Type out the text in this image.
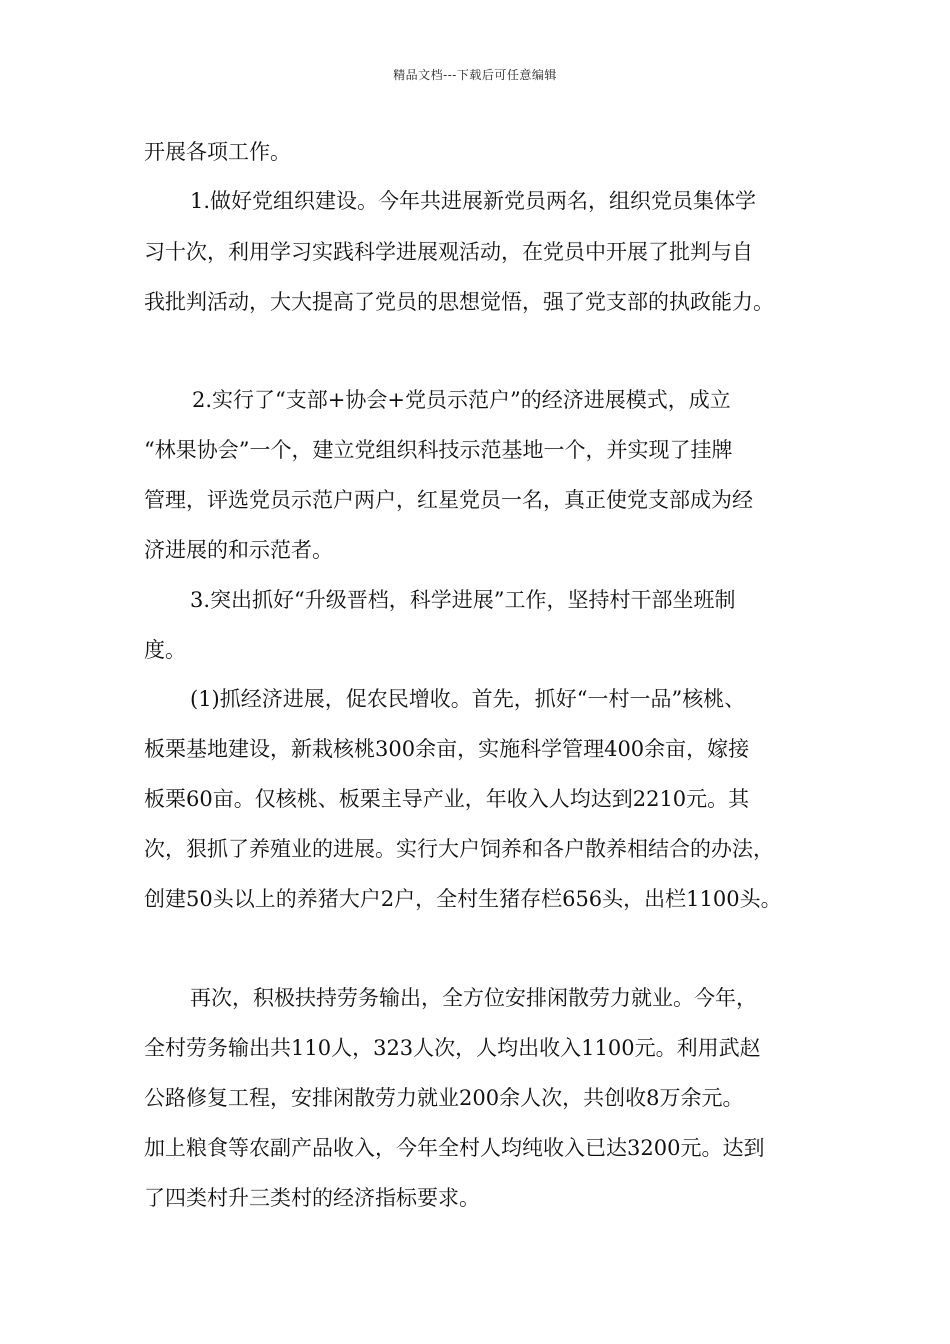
精品文档---下载后可任意编辑
开展各项工作。
1.做好党组织建设。今年共进展新党员两名，组织党员集体学
习十次，利用学习实践科学进展观活动，在党员中开展了批判与自
我批判活动，大大提高了党员的思想觉悟，强了党支部的执政能力。
2.实行了“支部+协会+党员示范户”的经济进展模式，成立
“林果协会”一个，建立党组织科技示范基地一个，并实现了挂牌
管理，评选党员示范户两户，红星党员一名，真正使党支部成为经
济进展的和示范者。
3.突出抓好“升级晋档，科学进展”工作，坚持村干部坐班制
度。
(1)抓经济进展，促农民增收。首先，抓好“一村一品”核桃、
板栗基地建设，新栽核桃300余亩，实施科学管理400余亩，嫁接
板栗60亩。仅核桃、板栗主导产业，年收入人均达到2210元。其
次，狠抓了养殖业的进展。实行大户饲养和各户散养相结合的办法，
创建50头以上的养猪大户2户，全村生猪存栏656头，出栏1100头。
再次，积极扶持劳务输出，全方位安排闲散劳力就业。今年，
全村劳务输出共110人，323人次，人均出收入1100元。利用武赵
公路修复工程，安排闲散劳力就业200余人次，共创收8万余元。
加上粮食等农副产品收入，今年全村人均纯收入已达3200元。达到
了四类村升三类村的经济指标要求。
